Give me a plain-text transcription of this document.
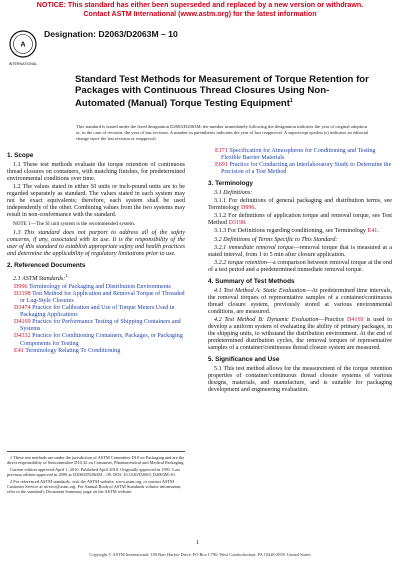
NOTICE: This standard has either been superseded and replaced by a new version or withdrawn.
Contact ASTM International (www.astm.org) for the latest information
A
INTERNATIONAL
Designation: D2063/D2063M – 10
Standard Test Methods for Measurement of Torque Retention for Packages with Continuous Thread Closures Using Non-Automated (Manual) Torque Testing Equipment$^1$
This standard is issued under the fixed designation D2063/D2063M; the number immediately following the designation indicates the year of original adoption or, in the case of revision, the year of last revision. A number in parentheses indicates the year of last reapproval. A superscript epsilon (ε) indicates an editorial change since the last revision or reapproval.
1. Scope

1.1 These test methods evaluate the torque retention of continuous thread closures on containers, with matching finishes, for predetermined environmental conditions over time.

1.2 The values stated in either SI units or inch-pound units are to be regarded separately as standard. The values stated in each system may not be exact equivalents; therefore, each system shall be used independently of the other. Combining values from the two systems may result in non-conformance with the standard.

NOTE 1—The SI unit system is the recommended system.

1.3 This standard does not purport to address all of the safety concerns, if any, associated with its use. It is the responsibility of the user of this standard to establish appropriate safety and health practices and determine the applicability of regulatory limitations prior to use.

2. Referenced Documents

2.1 ASTM Standards:$^2$

D996 Terminology of Packaging and Distribution Environments
D3198 Test Method for Application and Removal Torque of Threaded or Lug-Style Closures
D3474 Practice for Calibration and Use of Torque Meters Used in Packaging Applications
D4169 Practice for Performance Testing of Shipping Containers and Systems
D4332 Practice for Conditioning Containers, Packages, or Packaging Components for Testing
E41 Terminology Relating To Conditioning

1 These test methods are under the jurisdiction of ASTM Committee D10 on Packaging and are the direct responsibility of Subcommittee D10.32 on Consumer, Pharmaceutical and Medical Packaging.

Current edition approved April 1, 2010. Published April 2010. Originally approved in 1991. Last previous edition approved in 2009 as D2063/D2063M – 09. DOI: 10.1520/D2063_D2063M-10.

2 For referenced ASTM standards, visit the ASTM website, www.astm.org, or contact ASTM Customer Service at service@astm.org. For Annual Book of ASTM Standards volume information, refer to the standard's Document Summary page on the ASTM website.

E171 Specification for Atmospheres for Conditioning and Testing Flexible Barrier Materials
E691 Practice for Conducting an Interlaboratory Study to Determine the Precision of a Test Method
3. Terminology

3.1 Definitions:

3.1.1 For definitions of general packaging and distribution terms, see Terminology D996.

3.1.2 For definitions of application torque and removal torque, see Test Method D3198.

3.1.3 For Definitions regarding conditioning, see Terminology E41.

3.2 Definitions of Terms Specific to This Standard:

3.2.1 immediate removal torque—removal torque that is measured at a stated interval, from 1 to 5 min after closure application.

3.2.2 torque retention—a comparison between removal torque at the end of a test period and a predetermined immediate removal torque.

4. Summary of Test Methods

4.1 Test Method A: Static Evaluation—At predetermined time intervals, the removal torques of representative samples of a container/continuous thread closure system, previously stored at various environmental conditions, are measured.

4.2 Test Method B: Dynamic Evaluation—Practice D4169 is used to develop a uniform system of evaluating the ability of primary packages, in the shipping units, to withstand the distribution environment. At the end of predetermined distribution cycles, the removal torques of representative samples of a container/continuous thread closure system are measured.

5. Significance and Use

5.1 This test method allows for the measurement of the torque retention properties of container/continuous thread closure systems of various designs, materials, and manufacture, and is suitable for packaging development and engineering evaluation.

1
Copyright © ASTM International, 100 Barr Harbor Drive, PO Box C700, West Conshohocken, PA 19428-2959. United States
